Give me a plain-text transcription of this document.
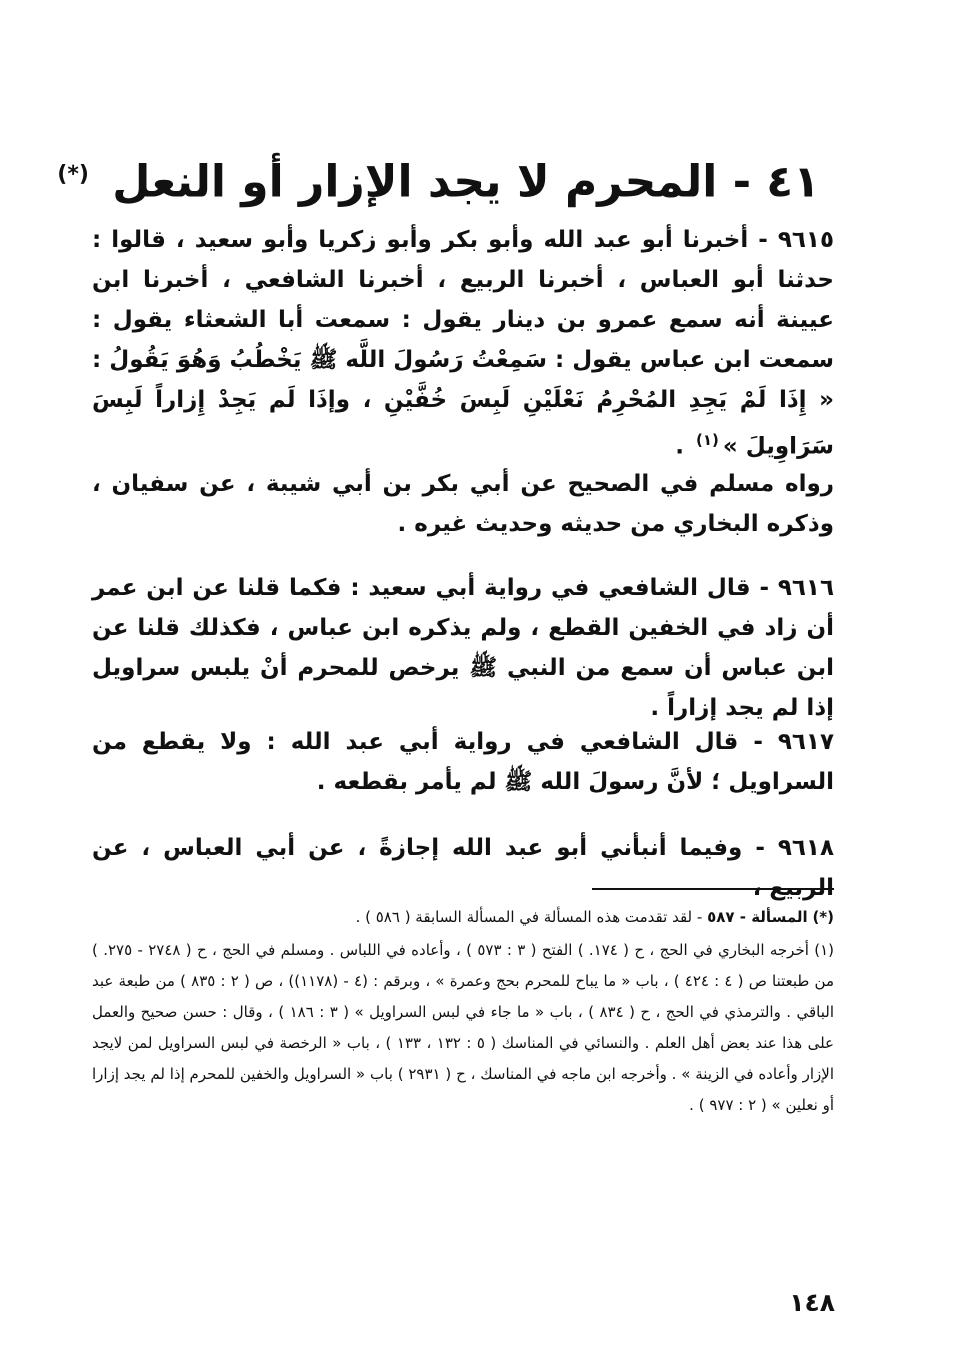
٤١ - المحرم لا يجد الإزار أو النعل (*)
٩٦١٥ - أخبرنا أبو عبد الله وأبو بكر وأبو زكريا وأبو سعيد ، قالوا : حدثنا أبو العباس ، أخبرنا الربيع ، أخبرنا الشافعي ، أخبرنا ابن عيينة أنه سمع عمرو بن دينار يقول : سمعت أبا الشعثاء يقول : سمعت ابن عباس يقول : سَمِعْتُ رَسُولَ اللَّه ﷺ يَخْطُبُ وَهُوَ يَقُولُ : « إِذَا لَمْ يَجِدِ المُحْرِمُ نَعْلَيْنِ لَبِسَ خُفَّيْنِ ، وإذَا لَم يَجِدْ إِزاراً لَبِسَ سَرَاوِيلَ »$^{(١)}$ .
رواه مسلم في الصحيح عن أبي بكر بن أبي شيبة ، عن سفيان ، وذكره البخاري من حديثه وحديث غيره .
٩٦١٦ - قال الشافعي في رواية أبي سعيد : فكما قلنا عن ابن عمر أن زاد في الخفين القطع ، ولم يذكره ابن عباس ، فكذلك قلنا عن ابن عباس أن سمع من النبي ﷺ يرخص للمحرم أنْ يلبس سراويل إذا لم يجد إزاراً .
٩٦١٧ - قال الشافعي في رواية أبي عبد الله : ولا يقطع من السراويل ؛ لأنَّ رسولَ الله ﷺ لم يأمر بقطعه .
٩٦١٨ - وفيما أنبأني أبو عبد الله إجازةً ، عن أبي العباس ، عن الربيع ،

(*) المسألة - ٥٨٧ - لقد تقدمت هذه المسألة في المسألة السابقة ( ٥٨٦ ) .

(١) أخرجه البخاري في الحج ، ح ( ١٧٤. ) الفتح ( ٣ : ٥٧٣ ) ، وأعاده في اللباس . ومسلم في الحج ، ح ( ٢٧٤٨ - ٢٧٥. ) من طبعتنا ص ( ٤ : ٤٢٤ ) ، باب « ما يباح للمحرم بحج وعمرة » ، وبرقم : (٤ - (١١٧٨)) ، ص ( ٢ : ٨٣٥ ) من طبعة عبد الباقي . والترمذي في الحج ، ح ( ٨٣٤ ) ، باب « ما جاء في لبس السراويل » ( ٣ : ١٨٦ ) ، وقال : حسن صحيح والعمل على هذا عند بعض أهل العلم . والنسائي في المناسك ( ٥ : ١٣٢ ، ١٣٣ ) ، باب « الرخصة في لبس السراويل لمن لايجد الإزار وأعاده في الزينة » . وأخرجه ابن ماجه في المناسك ، ح ( ٢٩٣١ ) باب « السراويل والخفين للمحرم إذا لم يجد إزارا أو نعلين » ( ٢ : ٩٧٧ ) .

١٤٨
